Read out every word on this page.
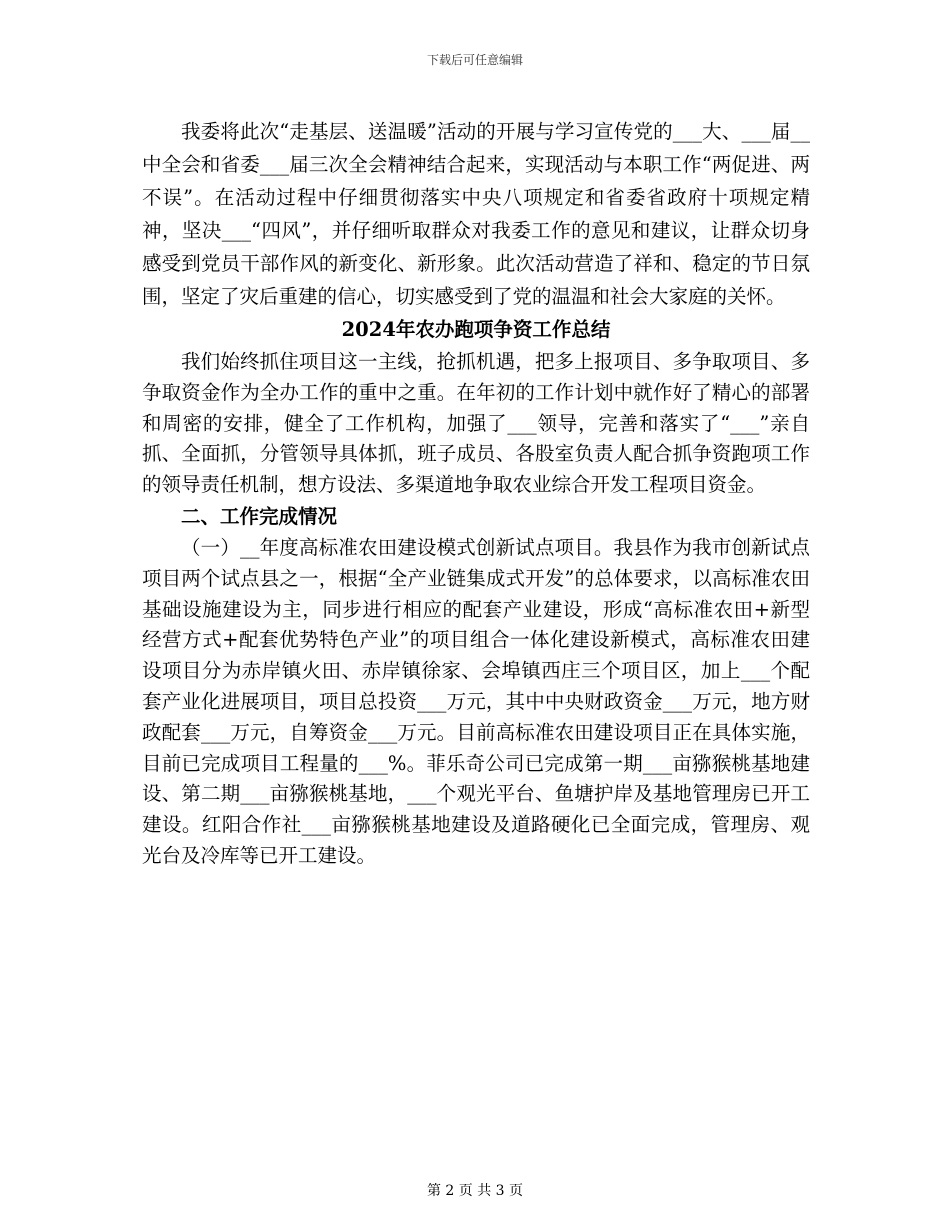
下载后可任意编辑

我委将此次“走基层、送温暖”活动的开展与学习宣传党的___大、___届__中全会和省委___届三次全会精神结合起来，实现活动与本职工作“两促进、两不误”。在活动过程中仔细贯彻落实中央八项规定和省委省政府十项规定精神，坚决___“四风”，并仔细听取群众对我委工作的意见和建议，让群众切身感受到党员干部作风的新变化、新形象。此次活动营造了祥和、稳定的节日氛围，坚定了灾后重建的信心，切实感受到了党的温温和社会大家庭的关怀。

2024年农办跑项争资工作总结

我们始终抓住项目这一主线，抢抓机遇，把多上报项目、多争取项目、多争取资金作为全办工作的重中之重。在年初的工作计划中就作好了精心的部署和周密的安排，健全了工作机构，加强了___领导，完善和落实了“___”亲自抓、全面抓，分管领导具体抓，班子成员、各股室负责人配合抓争资跑项工作的领导责任机制，想方设法、多渠道地争取农业综合开发工程项目资金。

二、工作完成情况

（一）__年度高标准农田建设模式创新试点项目。我县作为我市创新试点项目两个试点县之一，根据“全产业链集成式开发”的总体要求，以高标准农田基础设施建设为主，同步进行相应的配套产业建设，形成“高标准农田+新型经营方式+配套优势特色产业”的项目组合一体化建设新模式，高标准农田建设项目分为赤岸镇火田、赤岸镇徐家、会埠镇西庄三个项目区，加上___个配套产业化进展项目，项目总投资___万元，其中中央财政资金___万元，地方财政配套___万元，自筹资金___万元。目前高标准农田建设项目正在具体实施，目前已完成项目工程量的___%。菲乐奇公司已完成第一期___亩猕猴桃基地建设、第二期___亩猕猴桃基地，___个观光平台、鱼塘护岸及基地管理房已开工建设。红阳合作社___亩猕猴桃基地建设及道路硬化已全面完成，管理房、观光台及冷库等已开工建设。

第 2 页 共 3 页
